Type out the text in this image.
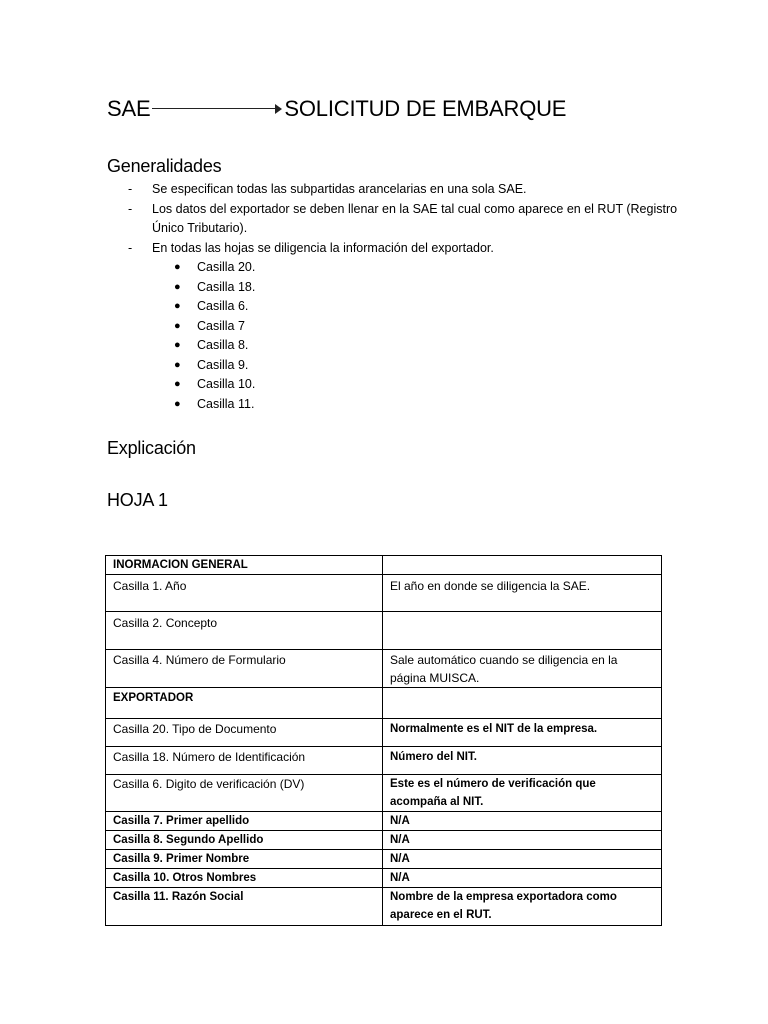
SAE	SOLICITUD DE EMBARQUE
Generalidades
-	Se especifican todas las subpartidas arancelarias en una sola SAE.
-	Los datos del exportador se deben llenar en la SAE tal cual como aparece en el RUT (Registro Único Tributario).
-	En todas las hojas se diligencia la información del exportador.
●	Casilla 20.
●	Casilla 18.
●	Casilla 6.
●	Casilla 7
●	Casilla 8.
●	Casilla 9.
●	Casilla 10.
●	Casilla 11.
Explicación
HOJA 1
INORMACION GENERAL	
Casilla 1. Año	El año en donde se diligencia la SAE.
Casilla 2. Concepto	
Casilla 4. Número de Formulario	Sale automático cuando se diligencia en la página MUISCA.
EXPORTADOR	
Casilla 20. Tipo de Documento	Normalmente es el NIT de la empresa.
Casilla 18. Número de Identificación	Número del NIT.
Casilla 6. Digito de verificación (DV)	Este es el número de verificación que acompaña al NIT.
Casilla 7. Primer apellido	N/A
Casilla 8. Segundo Apellido	N/A
Casilla 9. Primer Nombre	N/A
Casilla 10. Otros Nombres	N/A
Casilla 11. Razón Social	Nombre de la empresa exportadora como aparece en el RUT.
